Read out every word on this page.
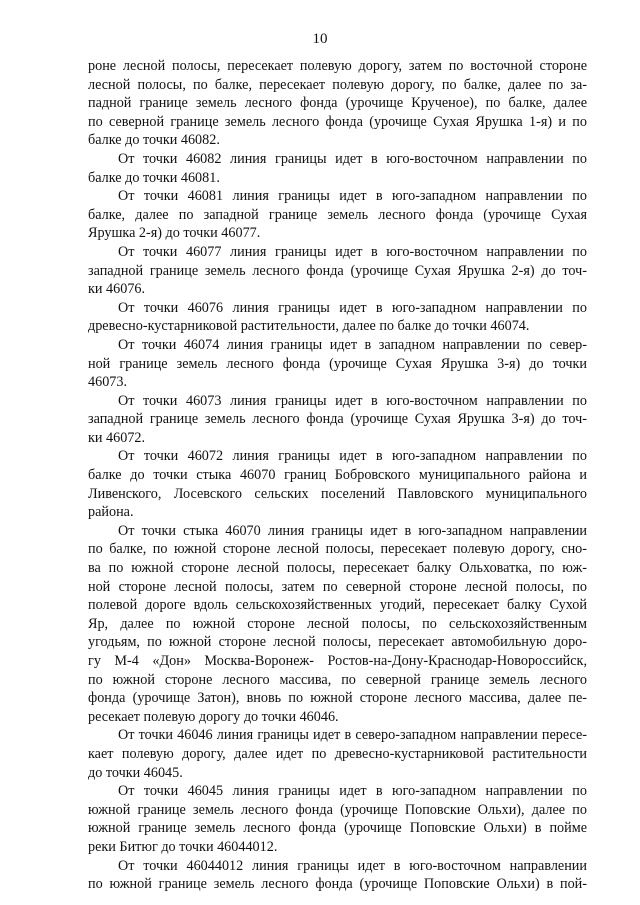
10

роне лесной полосы, пересекает полевую дорогу, затем по восточной стороне
лесной полосы, по балке, пересекает полевую дорогу, по балке, далее по за-
падной границе земель лесного фонда (урочище Крученое), по балке, далее
по северной границе земель лесного фонда (урочище Сухая Ярушка 1-я) и по
балке до точки 46082.

От точки 46082 линия границы идет в юго-восточном направлении по
балке до точки 46081.

От точки 46081 линия границы идет в юго-западном направлении по
балке, далее по западной границе земель лесного фонда (урочище Сухая
Ярушка 2-я) до точки 46077.

От точки 46077 линия границы идет в юго-восточном направлении по
западной границе земель лесного фонда (урочище Сухая Ярушка 2-я) до точ-
ки 46076.

От точки 46076 линия границы идет в юго-западном направлении по
древесно-кустарниковой растительности, далее по балке до точки 46074.

От точки 46074 линия границы идет в западном направлении по север-
ной границе земель лесного фонда (урочище Сухая Ярушка 3-я) до точки
46073.

От точки 46073 линия границы идет в юго-восточном направлении по
западной границе земель лесного фонда (урочище Сухая Ярушка 3-я) до точ-
ки 46072.

От точки 46072 линия границы идет в юго-западном направлении по
балке до точки стыка 46070 границ Бобровского муниципального района и
Ливенского, Лосевского сельских поселений Павловского муниципального
района.

От точки стыка 46070 линия границы идет в юго-западном направлении
по балке, по южной стороне лесной полосы, пересекает полевую дорогу, сно-
ва по южной стороне лесной полосы, пересекает балку Ольховатка, по юж-
ной стороне лесной полосы, затем по северной стороне лесной полосы, по
полевой дороге вдоль сельскохозяйственных угодий, пересекает балку Сухой
Яр, далее по южной стороне лесной полосы, по сельскохозяйственным
угодьям, по южной стороне лесной полосы, пересекает автомобильную доро-
гу М-4 «Дон» Москва-Воронеж- Ростов-на-Дону-Краснодар-Новороссийск,
по южной стороне лесного массива, по северной границе земель лесного
фонда (урочище Затон), вновь по южной стороне лесного массива, далее пе-
ресекает полевую дорогу до точки 46046.

От точки 46046 линия границы идет в северо-западном направлении пересе-
кает полевую дорогу, далее идет по древесно-кустарниковой растительности
до точки 46045.

От точки 46045 линия границы идет в юго-западном направлении по
южной границе земель лесного фонда (урочище Поповские Ольхи), далее по
южной границе земель лесного фонда (урочище Поповские Ольхи) в пойме
реки Битюг до точки 46044012.

От точки 46044012 линия границы идет в юго-восточном направлении
по южной границе земель лесного фонда (урочище Поповские Ольхи) в пой-
